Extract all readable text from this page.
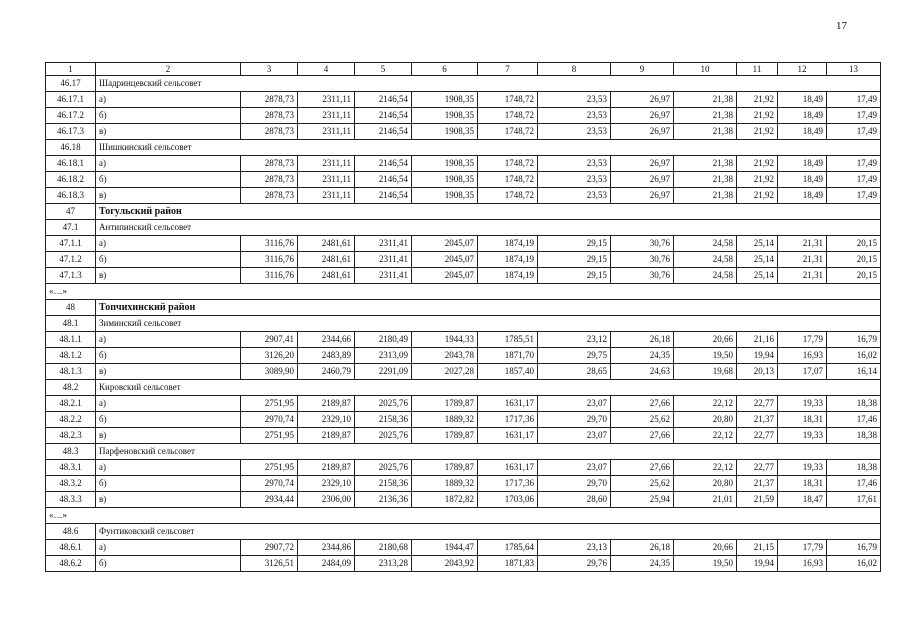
17
1	2	3	4	5	6	7	8	9	10	11	12	13
46.17	Шадринцевский сельсовет											
46.17.1	а)	2878,73	2311,11	2146,54	1908,35	1748,72	23,53	26,97	21,38	21,92	18,49	17,49
46.17.2	б)	2878,73	2311,11	2146,54	1908,35	1748,72	23,53	26,97	21,38	21,92	18,49	17,49
46.17.3	в)	2878,73	2311,11	2146,54	1908,35	1748,72	23,53	26,97	21,38	21,92	18,49	17,49
46.18	Шишкинский сельсовет											
46.18.1	а)	2878,73	2311,11	2146,54	1908,35	1748,72	23,53	26,97	21,38	21,92	18,49	17,49
46.18.2	б)	2878,73	2311,11	2146,54	1908,35	1748,72	23,53	26,97	21,38	21,92	18,49	17,49
46.18.3	в)	2878,73	2311,11	2146,54	1908,35	1748,72	23,53	26,97	21,38	21,92	18,49	17,49
47	Тогульский район											
47.1	Антипинский сельсовет											
47.1.1	а)	3116,76	2481,61	2311,41	2045,07	1874,19	29,15	30,76	24,58	25,14	21,31	20,15
47.1.2	б)	3116,76	2481,61	2311,41	2045,07	1874,19	29,15	30,76	24,58	25,14	21,31	20,15
47.1.3	в)	3116,76	2481,61	2311,41	2045,07	1874,19	29,15	30,76	24,58	25,14	21,31	20,15
«…»												
48	Топчихинский район											
48.1	Зиминский сельсовет											
48.1.1	а)	2907,41	2344,66	2180,49	1944,33	1785,51	23,12	26,18	20,66	21,16	17,79	16,79
48.1.2	б)	3126,20	2483,89	2313,09	2043,78	1871,70	29,75	24,35	19,50	19,94	16,93	16,02
48.1.3	в)	3089,90	2460,79	2291,09	2027,28	1857,40	28,65	24,63	19,68	20,13	17,07	16,14
48.2	Кировский сельсовет											
48.2.1	а)	2751,95	2189,87	2025,76	1789,87	1631,17	23,07	27,66	22,12	22,77	19,33	18,38
48.2.2	б)	2970,74	2329,10	2158,36	1889,32	1717,36	29,70	25,62	20,80	21,37	18,31	17,46
48.2.3	в)	2751,95	2189,87	2025,76	1789,87	1631,17	23,07	27,66	22,12	22,77	19,33	18,38
48.3	Парфеновский сельсовет											
48.3.1	а)	2751,95	2189,87	2025,76	1789,87	1631,17	23,07	27,66	22,12	22,77	19,33	18,38
48.3.2	б)	2970,74	2329,10	2158,36	1889,32	1717,36	29,70	25,62	20,80	21,37	18,31	17,46
48.3.3	в)	2934,44	2306,00	2136,36	1872,82	1703,06	28,60	25,94	21,01	21,59	18,47	17,61
«…»												
48.6	Фунтиковский сельсовет											
48.6.1	а)	2907,72	2344,86	2180,68	1944,47	1785,64	23,13	26,18	20,66	21,15	17,79	16,79
48.6.2	б)	3126,51	2484,09	2313,28	2043,92	1871,83	29,76	24,35	19,50	19,94	16,93	16,02
